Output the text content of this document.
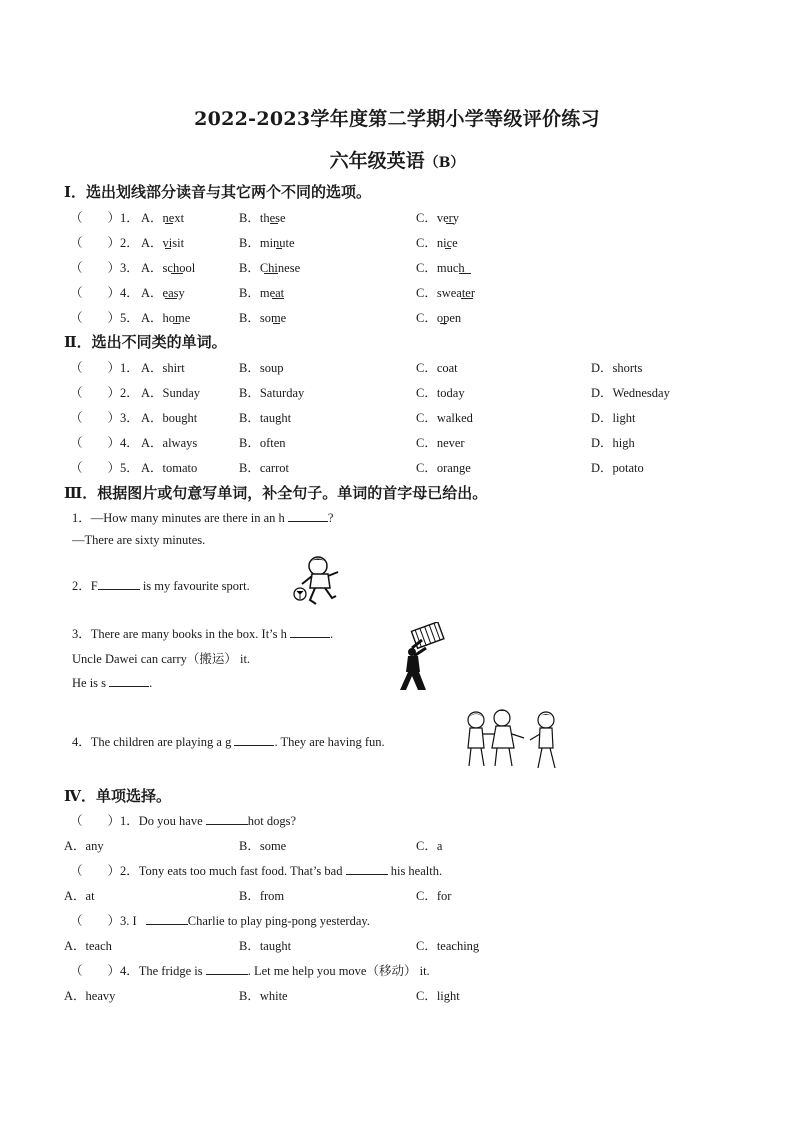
2022-2023学年度第二学期小学等级评价练习
六年级英语（B）
Ⅰ．选出划线部分读音与其它两个不同的选项。
（　　）1． A．next	B．these	C．very
（　　）2． A．visit	B．minute	C．nice
（　　）3． A．school	B．Chinese	C．much
（　　）4． A．easy	B．meat	C．sweater
（　　）5． A．home	B．some	C．open
Ⅱ．选出不同类的单词。
（　　）1． A．shirt	B．soup	C．coat	D．shorts
（　　）2． A．Sunday	B．Saturday	C．today	D．Wednesday
（　　）3． A．bought	B．taught	C．walked	D．light
（　　）4． A．always	B．often	C．never	D．high
（　　）5． A．tomato	B．carrot	C．orange	D．potato
Ⅲ．根据图片或句意写单词，补全句子。单词的首字母已给出。
1．—How many minutes are there in an h	?
—There are sixty minutes.
2．F	is my favourite sport.
3．There are many books in the box. It’s h	.
Uncle Dawei can carry（搬运） it.
He is s	.
4．The children are playing a g	. They are having fun.
Ⅳ．单项选择。
（　　）1．Do you have	hot dogs?
A．any	B．some	C．a
（　　）2．Tony eats too much fast food. That’s bad	his health.
A．at	B．from	C．for
（　　）3. I	Charlie to play ping-pong yesterday.
A．teach	B．taught	C．teaching
（　　）4．The fridge is	. Let me help you move（移动） it.
A．heavy	B．white	C．light
